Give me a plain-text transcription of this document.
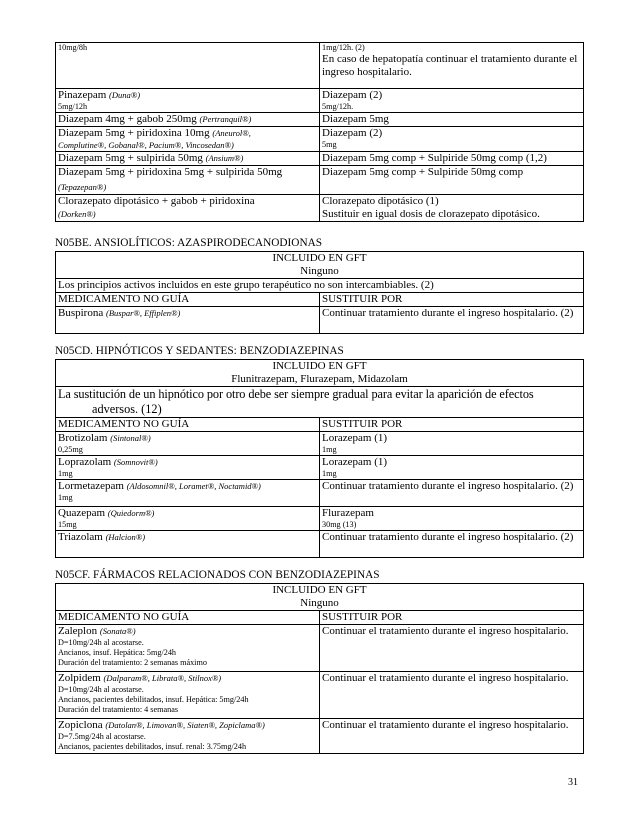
10mg/8h	1mg/12h. (2)
En caso de hepatopatía continuar el tratamiento durante el ingreso hospitalario.

Pinazepam (Duna®)
5mg/12h	Diazepam (2)
5mg/12h.

Diazepam 4mg + gabob 250mg (Pertranquil®)	Diazepam 5mg
Diazepam 5mg + piridoxina 10mg (Aneurol®,
Complutine®, Gobanal®, Pacium®, Vincosedan®)	Diazepam (2)
5mg

Diazepam 5mg + sulpirida 50mg (Ansium®)	Diazepam 5mg comp + Sulpiride 50mg comp (1,2)

Diazepam 5mg + piridoxina 5mg + sulpirida 50mg
(Tepazepan®)	Diazepam 5mg comp + Sulpiride 50mg comp

Clorazepato dipotásico + gabob + piridoxina
(Dorken®)	Clorazepato dipotásico (1)
Sustituir en igual dosis de clorazepato dipotásico.
N05BE. ANSIOLÍTICOS: AZASPIRODECANODIONAS
INCLUIDO EN GFT
Ninguno	

Los principios activos incluidos en este grupo terapéutico no son intercambiables. (2)	
MEDICAMENTO NO GUÍA	SUSTITUIR POR
Buspirona (Buspar®, Effiplen®)	Continuar tratamiento durante el ingreso hospitalario. (2)
N05CD. HIPNÓTICOS Y SEDANTES: BENZODIAZEPINAS
INCLUIDO EN GFT
Flunitrazepam, Flurazepam, Midazolam	

La sustitución de un hipnótico por otro debe ser siempre gradual para evitar la aparición de efectos
adversos. (12)	

MEDICAMENTO NO GUÍA	SUSTITUIR POR
Brotizolam (Sintonal®)
0,25mg	Lorazepam (1)
1mg

Loprazolam (Somnovit®)
1mg	Lorazepam (1)
1mg

Lormetazepam (Aldosomnil®, Loramet®, Noctamid®)
1mg	Continuar tratamiento durante el ingreso hospitalario. (2)
Quazepam (Quiedorm®)
15mg	Flurazepam
30mg (13)

Triazolam (Halcion®)	Continuar tratamiento durante el ingreso hospitalario. (2)
N05CF. FÁRMACOS RELACIONADOS CON BENZODIAZEPINAS
INCLUIDO EN GFT
Ninguno	

MEDICAMENTO NO GUÍA	SUSTITUIR POR
Zaleplon (Sonata®)
D=10mg/24h al acostarse.
Ancianos, insuf. Hepática: 5mg/24h
Duración del tratamiento: 2 semanas máximo	Continuar el tratamiento durante el ingreso hospitalario.
Zolpidem (Dalparam®, Librata®, Stilnox®)
D=10mg/24h al acostarse.
Ancianos, pacientes debilitados, insuf. Hepática: 5mg/24h
Duración del tratamiento: 4 semanas	Continuar el tratamiento durante el ingreso hospitalario.
Zopiclona (Datolan®, Limovan®, Siaten®, Zopiclama®)
D=7.5mg/24h al acostarse.
Ancianos, pacientes debilitados, insuf. renal: 3.75mg/24h	Continuar el tratamiento durante el ingreso hospitalario.
31
